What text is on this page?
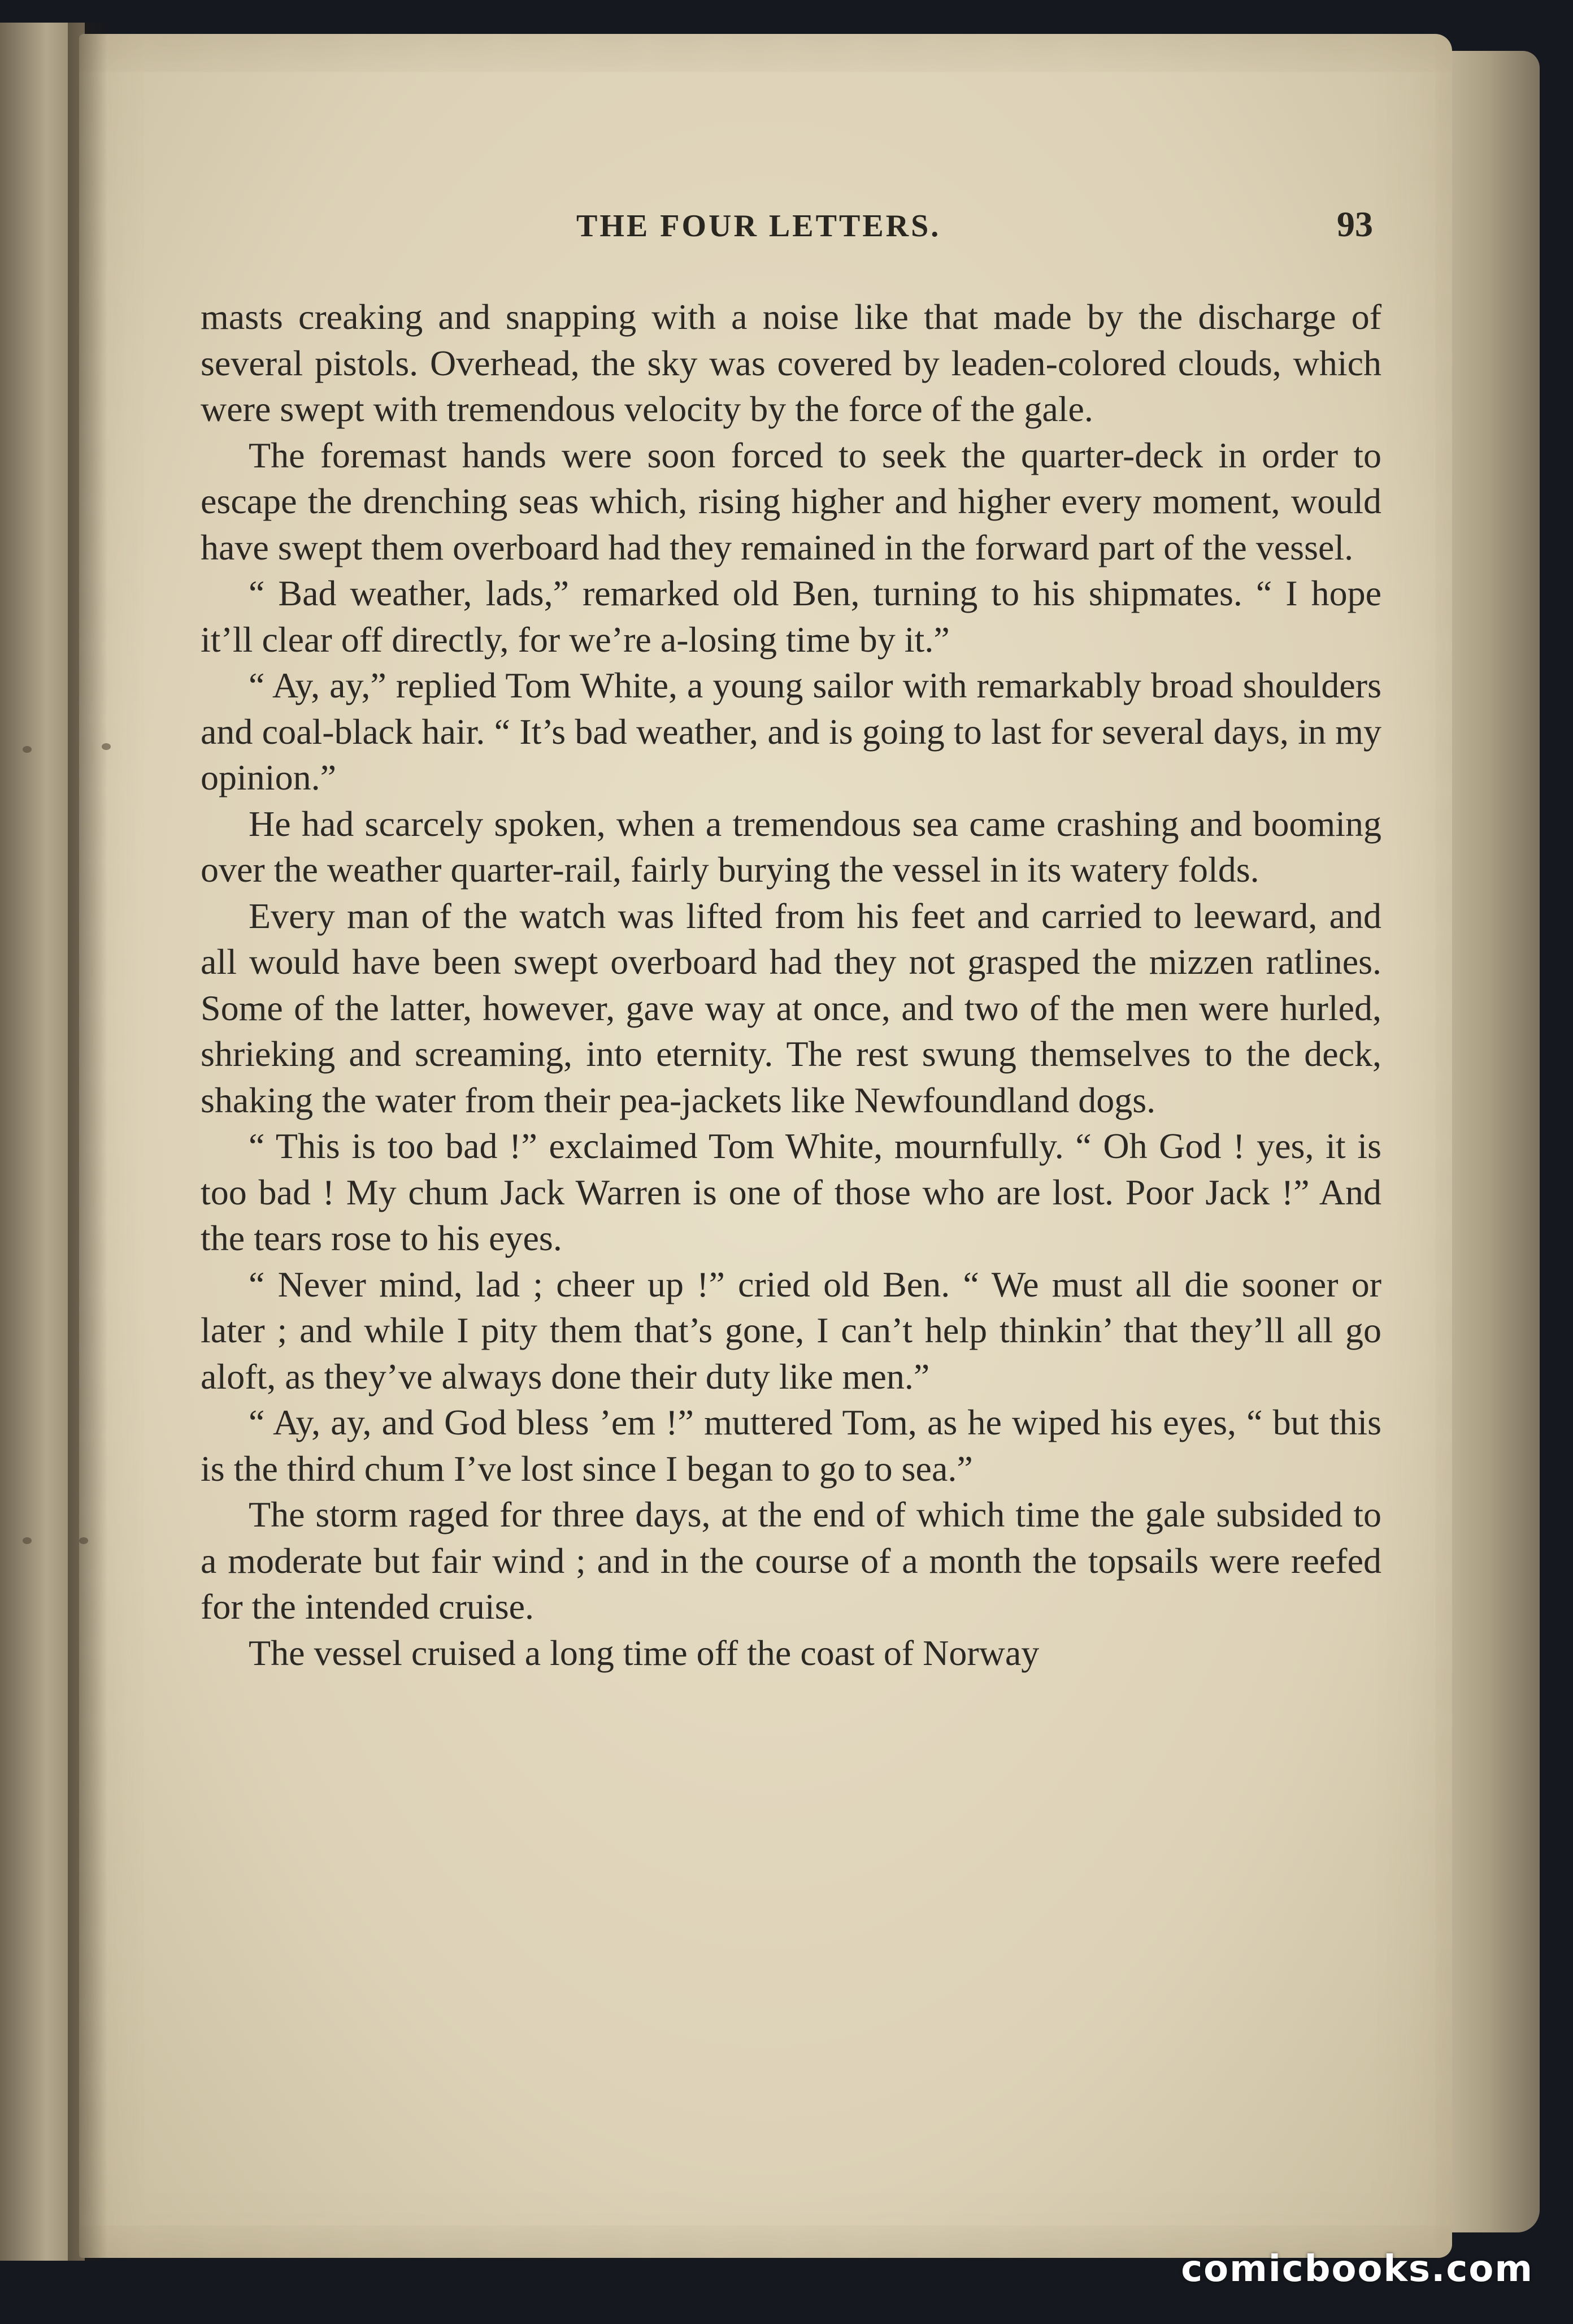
THE FOUR LETTERS.	93

masts creaking and snapping with a noise like that made by the discharge of several pistols. Overhead, the sky was covered by leaden-colored clouds, which were swept with tremendous velocity by the force of the gale.

The foremast hands were soon forced to seek the quarter-deck in order to escape the drenching seas which, rising higher and higher every moment, would have swept them overboard had they remained in the forward part of the vessel.

“ Bad weather, lads,” remarked old Ben, turning to his shipmates. “ I hope it’ll clear off directly, for we’re a-losing time by it.”

“ Ay, ay,” replied Tom White, a young sailor with remarkably broad shoulders and coal-black hair. “ It’s bad weather, and is going to last for several days, in my opinion.”

He had scarcely spoken, when a tremendous sea came crashing and booming over the weather quarter-rail, fairly burying the vessel in its watery folds.

Every man of the watch was lifted from his feet and carried to leeward, and all would have been swept overboard had they not grasped the mizzen ratlines. Some of the latter, however, gave way at once, and two of the men were hurled, shrieking and screaming, into eternity. The rest swung themselves to the deck, shaking the water from their pea-jackets like Newfoundland dogs.

“ This is too bad !” exclaimed Tom White, mournfully. “ Oh God ! yes, it is too bad ! My chum Jack Warren is one of those who are lost. Poor Jack !” And the tears rose to his eyes.

“ Never mind, lad ; cheer up !” cried old Ben. “ We must all die sooner or later ; and while I pity them that’s gone, I can’t help thinkin’ that they’ll all go aloft, as they’ve always done their duty like men.”

“ Ay, ay, and God bless ’em !” muttered Tom, as he wiped his eyes, “ but this is the third chum I’ve lost since I began to go to sea.”

The storm raged for three days, at the end of which time the gale subsided to a moderate but fair wind ; and in the course of a month the topsails were reefed for the intended cruise.

The vessel cruised a long time off the coast of Norway

comicbooks.com
